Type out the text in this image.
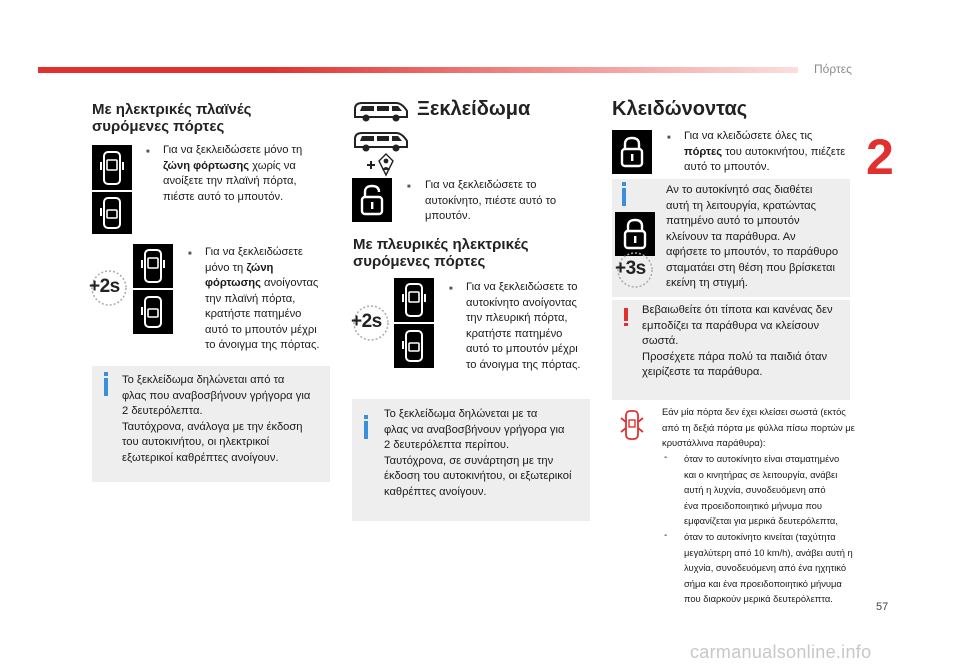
Πόρτες
2
Με ηλεκτρικές πλαϊνές
συρόμενες πόρτες
■ Για να ξεκλειδώσετε μόνο τη
ζώνη φόρτωσης χωρίς να
ανοίξετε την πλαϊνή πόρτα,
πιέστε αυτό το μπουτόν.
+2s
■ Για να ξεκλειδώσετε
μόνο τη ζώνη
φόρτωσης ανοίγοντας
την πλαϊνή πόρτα,
κρατήστε πατημένο
αυτό το μπουτόν μέχρι
το άνοιγμα της πόρτας.
Το ξεκλείδωμα δηλώνεται από τα
φλας που αναβοσβήνουν γρήγορα για
2 δευτερόλεπτα.
Ταυτόχρονα, ανάλογα με την έκδοση
του αυτοκινήτου, οι ηλεκτρικοί
εξωτερικοί καθρέπτες ανοίγουν.
Ξεκλείδωμα
■ Για να ξεκλειδώσετε το
αυτοκίνητο, πιέστε αυτό το
μπουτόν.
Με πλευρικές ηλεκτρικές
συρόμενες πόρτες
+2s
■ Για να ξεκλειδώσετε το
αυτοκίνητο ανοίγοντας
την πλευρική πόρτα,
κρατήστε πατημένο
αυτό το μπουτόν μέχρι
το άνοιγμα της πόρτας.
Το ξεκλείδωμα δηλώνεται με τα
φλας να αναβοσβήνουν γρήγορα για
2 δευτερόλεπτα περίπου.
Ταυτόχρονα, σε συνάρτηση με την
έκδοση του αυτοκινήτου, οι εξωτερικοί
καθρέπτες ανοίγουν.
Κλειδώνοντας
■ Για να κλειδώσετε όλες τις
πόρτες του αυτοκινήτου, πιέζετε
αυτό το μπουτόν.
+3s
Αν το αυτοκίνητό σας διαθέτει
αυτή τη λειτουργία, κρατώντας
πατημένο αυτό το μπουτόν
κλείνουν τα παράθυρα. Αν
αφήσετε το μπουτόν, το παράθυρο
σταματάει στη θέση που βρίσκεται
εκείνη τη στιγμή.
Βεβαιωθείτε ότι τίποτα και κανένας δεν
εμποδίζει τα παράθυρα να κλείσουν
σωστά.
Προσέχετε πάρα πολύ τα παιδιά όταν
χειρίζεστε τα παράθυρα.
Εάν μία πόρτα δεν έχει κλείσει σωστά (εκτός
από τη δεξιά πόρτα με φύλλα πίσω πορτών με
κρυστάλλινα παράθυρα):
- όταν το αυτοκίνητο είναι σταματημένο
και ο κινητήρας σε λειτουργία, ανάβει
αυτή η λυχνία, συνοδευόμενη από
ένα προειδοποιητικό μήνυμα που
εμφανίζεται για μερικά δευτερόλεπτα,
- όταν το αυτοκίνητο κινείται (ταχύτητα
μεγαλύτερη από 10 km/h), ανάβει αυτή η
λυχνία, συνοδευόμενη από ένα ηχητικό
σήμα και ένα προειδοποιητικό μήνυμα
που διαρκούν μερικά δευτερόλεπτα.
57
carmanualsonline.info
